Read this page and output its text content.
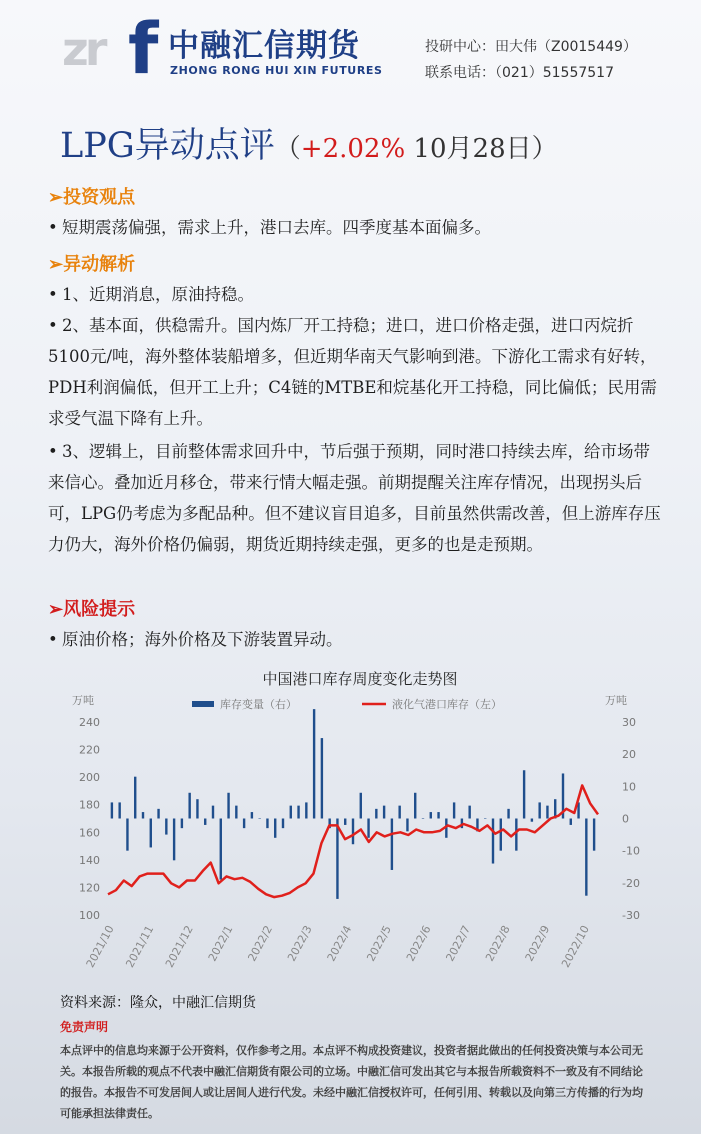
zr f 中融汇信期货
ZHONG RONG HUI XIN FUTURES
投研中心：田大伟（Z0015449）
联系电话：（021）51557517
LPG异动点评（+2.02% 10月28日）
➢投资观点
• 短期震荡偏强，需求上升，港口去库。四季度基本面偏多。
➢异动解析
• 1、近期消息，原油持稳。
• 2、基本面，供稳需升。国内炼厂开工持稳；进口，进口价格走强，进口丙烷折5100元/吨，海外整体装船增多，但近期华南天气影响到港。下游化工需求有好转，PDH利润偏低，但开工上升；C4链的MTBE和烷基化开工持稳，同比偏低；民用需求受气温下降有上升。
• 3、逻辑上，目前整体需求回升中，节后强于预期，同时港口持续去库，给市场带来信心。叠加近月移仓，带来行情大幅走强。前期提醒关注库存情况，出现拐头后可，LPG仍考虑为多配品种。但不建议盲目追多，目前虽然供需改善，但上游库存压力仍大，海外价格仍偏弱，期货近期持续走强，更多的也是走预期。
➢风险提示
• 原油价格；海外价格及下游装置异动。
中国港口库存周度变化走势图
万吨	万吨
库存变量（右）	液化气港口库存（左）
100
120
140
160
180
200
220
240	30
20
10
0
-10
-20
-30
2021/10 2021/11 2021/12 2022/1 2022/2 2022/3 2022/4 2022/5 2022/6 2022/7 2022/8 2022/9 2022/10
资料来源：隆众，中融汇信期货
免责声明
本点评中的信息均来源于公开资料，仅作参考之用。本点评不构成投资建议，投资者据此做出的任何投资决策与本公司无关。本报告所载的观点不代表中融汇信期货有限公司的立场。中融汇信可发出其它与本报告所载资料不一致及有不同结论的报告。本报告不可发居间人或让居间人进行代发。未经中融汇信授权许可，任何引用、转载以及向第三方传播的行为均可能承担法律责任。
